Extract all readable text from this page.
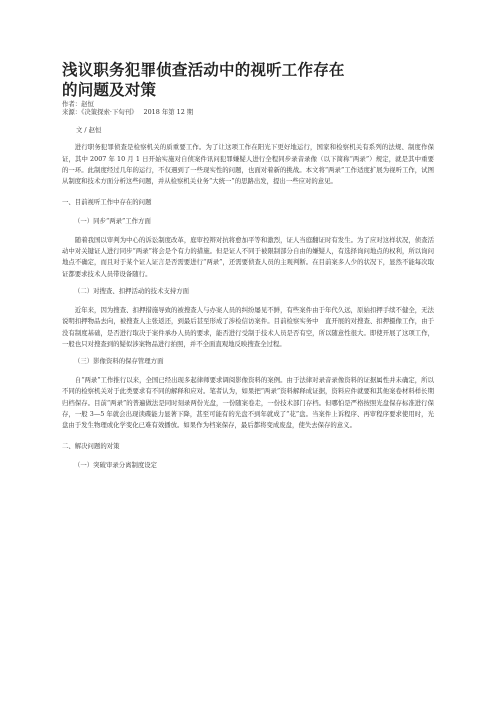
浅议职务犯罪侦查活动中的视听工作存在
的问题及对策

作者：赵恒

来源：《决策探索·下旬刊》 2018 年第 12 期

文 / 赵恒

进行职务犯罪侦查是检察机关的质重要工作。为了让这项工作在阳光下更好地运行，国家和检察机关有系列的法规、制度作保证，其中 2007 年 10 月 1 日开始实施对自侦案件讯问犯罪嫌疑人进行全程同步录音录像（以下简称“两录”）规定，就是其中重要的一环。此制度经过几年的运行，不仅遇到了一些现实性的问题，也面对着新的挑战。本文将“两录”工作适度扩展为视听工作，试图从制度和技术方面分析这些问题，并从检察机关业务“大统一”的思路出发，提出一些应对的意见。

一、目前视听工作中存在的问题

（一）同步“两录”工作方面

随着我国以审判为中心的诉讼制度改革，庭审控辩对抗将愈加平等和激烈，证人当庭翻证时有发生。为了应对这样状况，侦查活动中对关键证人进行同步“两录”将会是个有力的措施。但是证人不同于被限制部分自由的嫌疑人，有选择询问地点的权利，所以询问地点不确定，而且对于某个证人证言是否需要进行“两录”，还需要侦查人员的主观判断。在目前案多人少的状况下，显然不能每次取证都要求技术人员带设备随行。

（二）对搜查、扣押活动的技术支持方面

近年来，因为搜查、扣押措施导致的被搜查人与办案人员的纠纷屡见不鲜，有些案件由于年代久远，原始扣押手续不健全，无法说明扣押物品去向，被搜查人主张返还，到最后甚至形成了涉检信访案件。目前检察实务中　直开展的对搜查、扣押摄像工作，由于没有制度基础，是否进行取决于案件承办人员的要求，能否进行受制于技术人员是否有空，所以随意性很大。即使开展了这项工作，一般也只对搜查到的疑似涉案物品进行拍照，并不全面直观地反映搜查全过程。

（三）影像资料的保存管理方面

自“两录”工作推行以来，全国已经出现多起律师要求调阅影像资料的案例。由于法律对录音录像资料的证据属性并未确定，所以不同的检察机关对于此类要求有不同的解释和应对。笔者认为，如果把“两录”资料解释成证据，资料应件就要和其他案卷材料样长期归档保存。目前“两录”的普遍做法是同时刻录两份光盘，一份随案卷走，一份技术部门存档。但哪怕是严格按照光盘保存标准进行保存，一般 3—5 年就会出现读碟能力显著下降，甚至可能有的光盘不到年就成了“花”盘。当案件上诉程序、再审程序要求使用时，光盘由于发生物理或化学变化已难有效播放。如果作为档案保存，最后都将变成废盘，使失去保存的意义。

二、解决问题的对策

（一）突破审录分离制度设定
